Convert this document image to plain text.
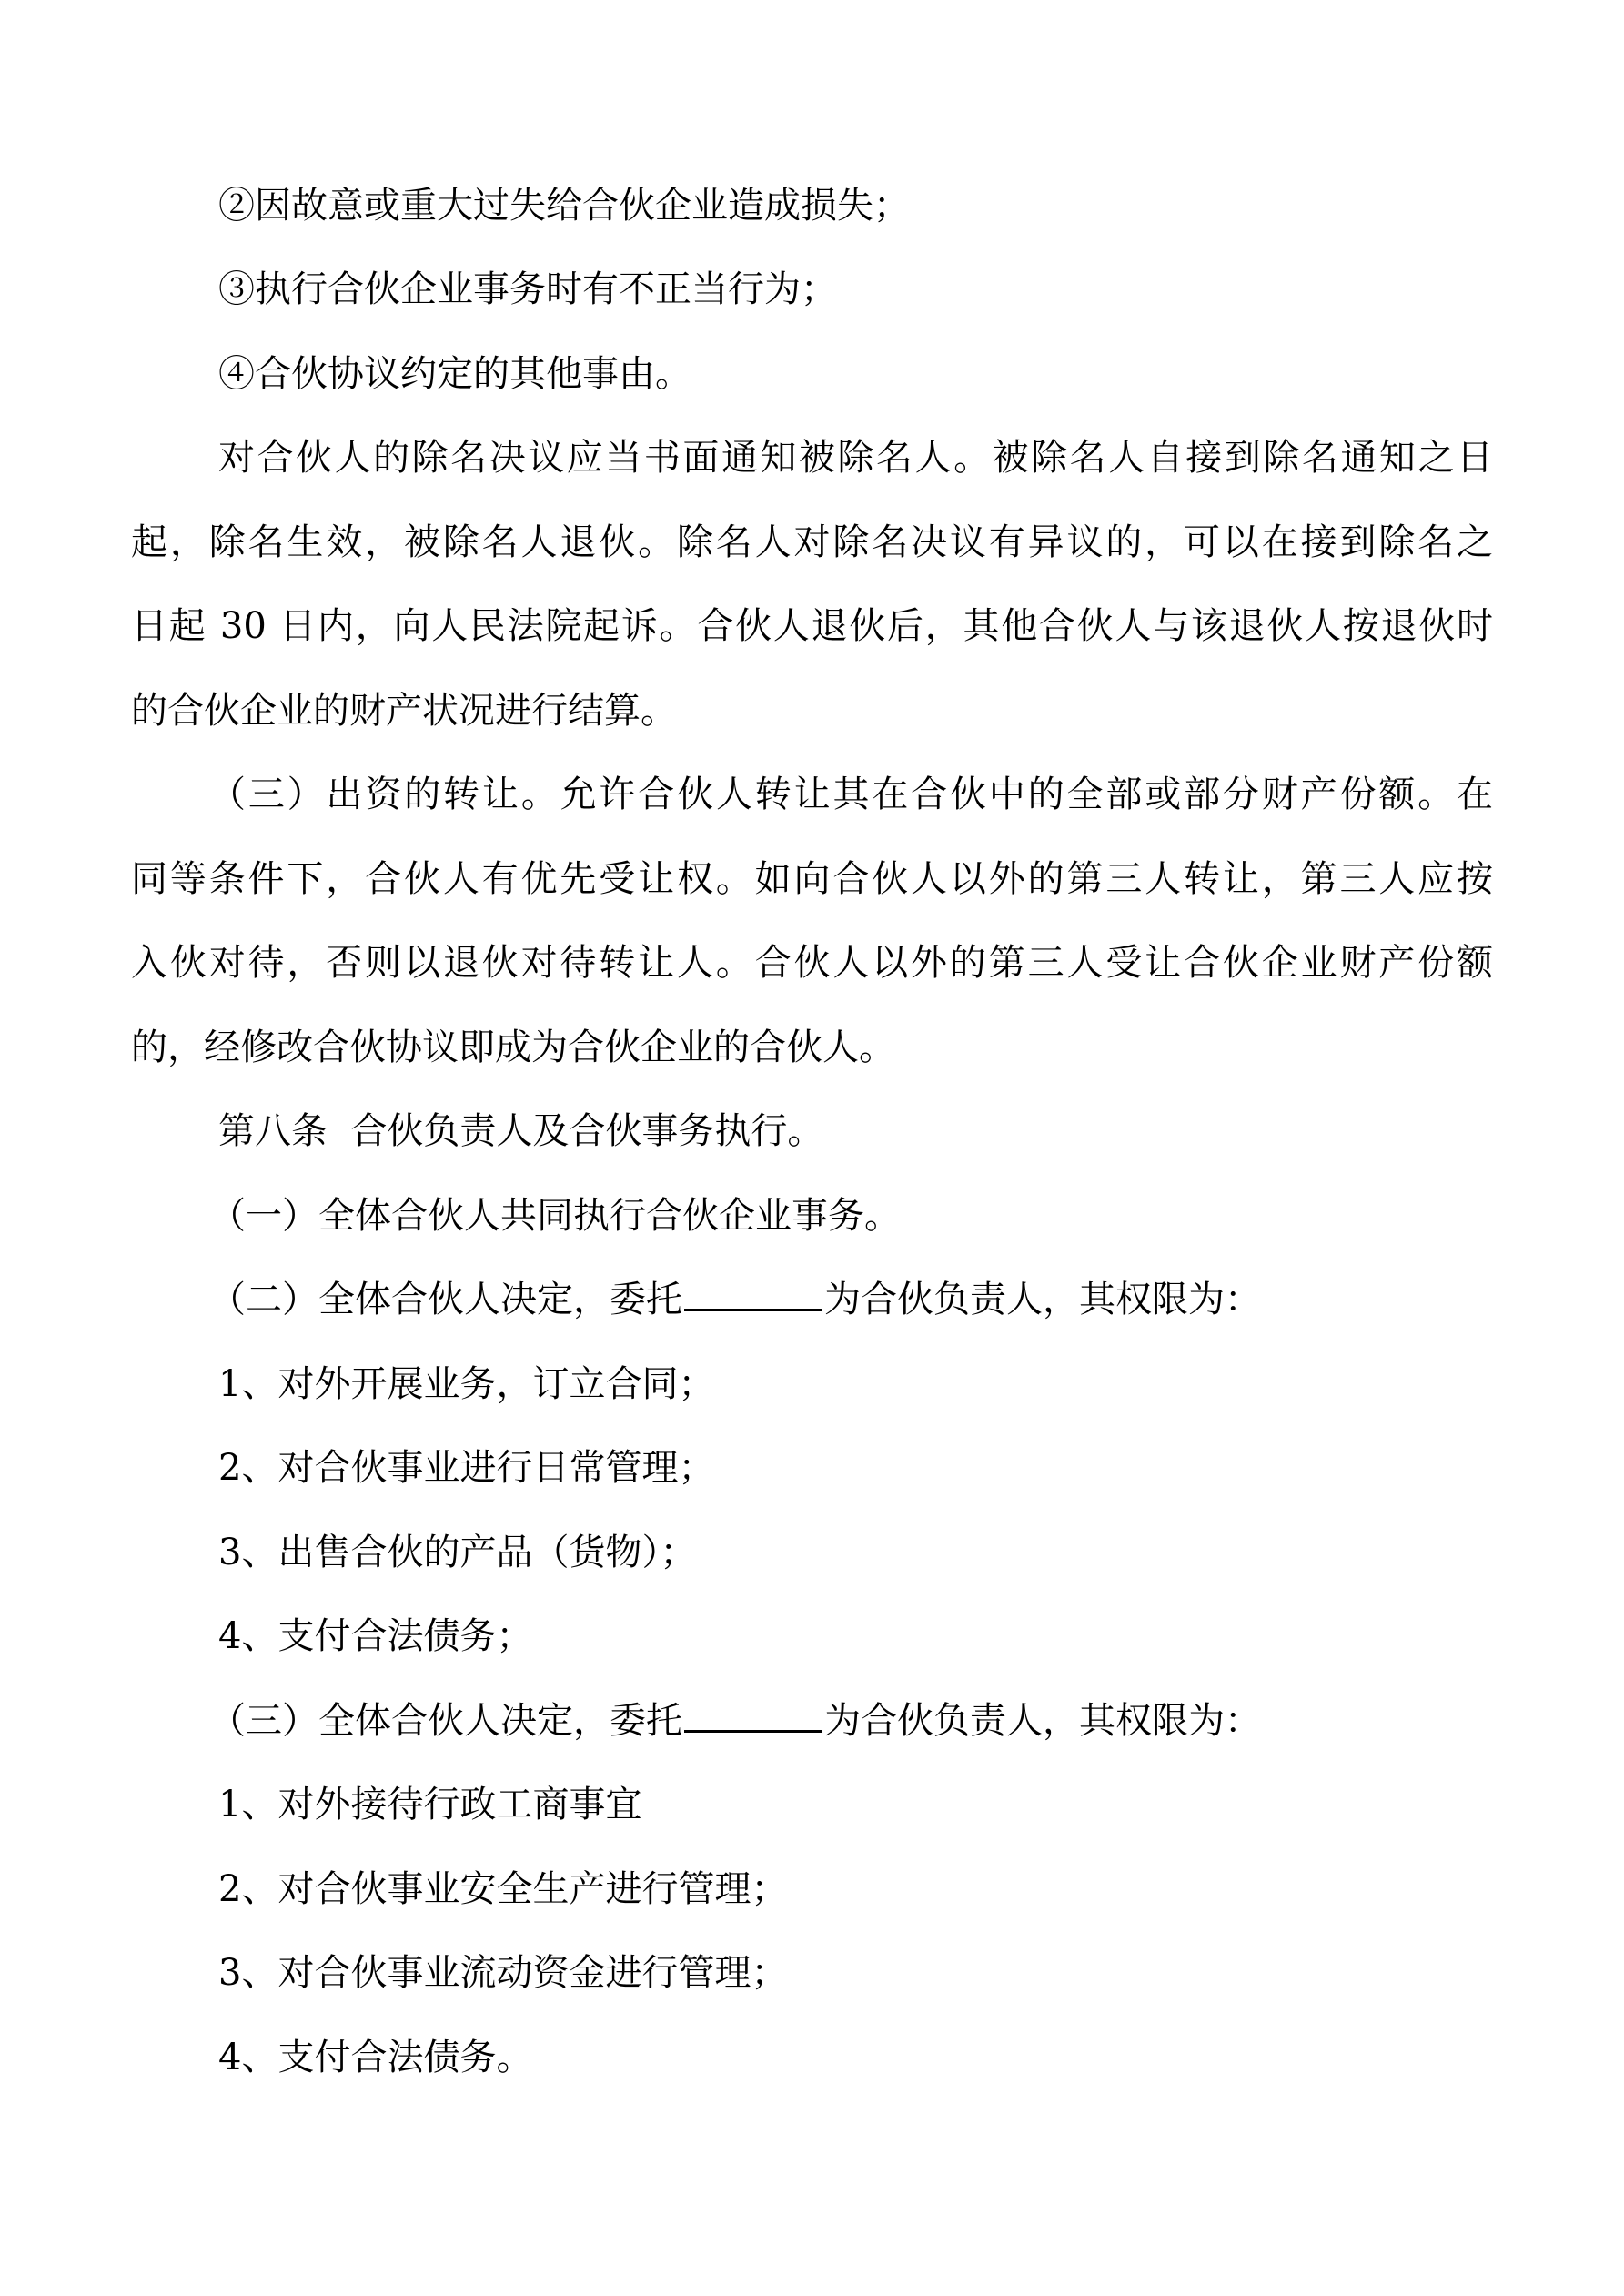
②因故意或重大过失给合伙企业造成损失；
③执行合伙企业事务时有不正当行为；
④合伙协议约定的其他事由。
对合伙人的除名决议应当书面通知被除名人。被除名人自接到除名通知之日
起，除名生效，被除名人退伙。除名人对除名决议有异议的，可以在接到除名之
日起 30 日内，向人民法院起诉。合伙人退伙后，其他合伙人与该退伙人按退伙时
的合伙企业的财产状况进行结算。
（三）出资的转让。允许合伙人转让其在合伙中的全部或部分财产份额。在
同等条件下，合伙人有优先受让权。如向合伙人以外的第三人转让，第三人应按
入伙对待，否则以退伙对待转让人。合伙人以外的第三人受让合伙企业财产份额
的，经修改合伙协议即成为合伙企业的合伙人。
第八条  合伙负责人及合伙事务执行。
（一）全体合伙人共同执行合伙企业事务。
（二）全体合伙人决定，委托	为合伙负责人，其权限为：
1、对外开展业务，订立合同；
2、对合伙事业进行日常管理；
3、出售合伙的产品（货物）；
4、支付合法债务；
（三）全体合伙人决定，委托	为合伙负责人，其权限为：
1、对外接待行政工商事宜
2、对合伙事业安全生产进行管理；
3、对合伙事业流动资金进行管理；
4、支付合法债务。
